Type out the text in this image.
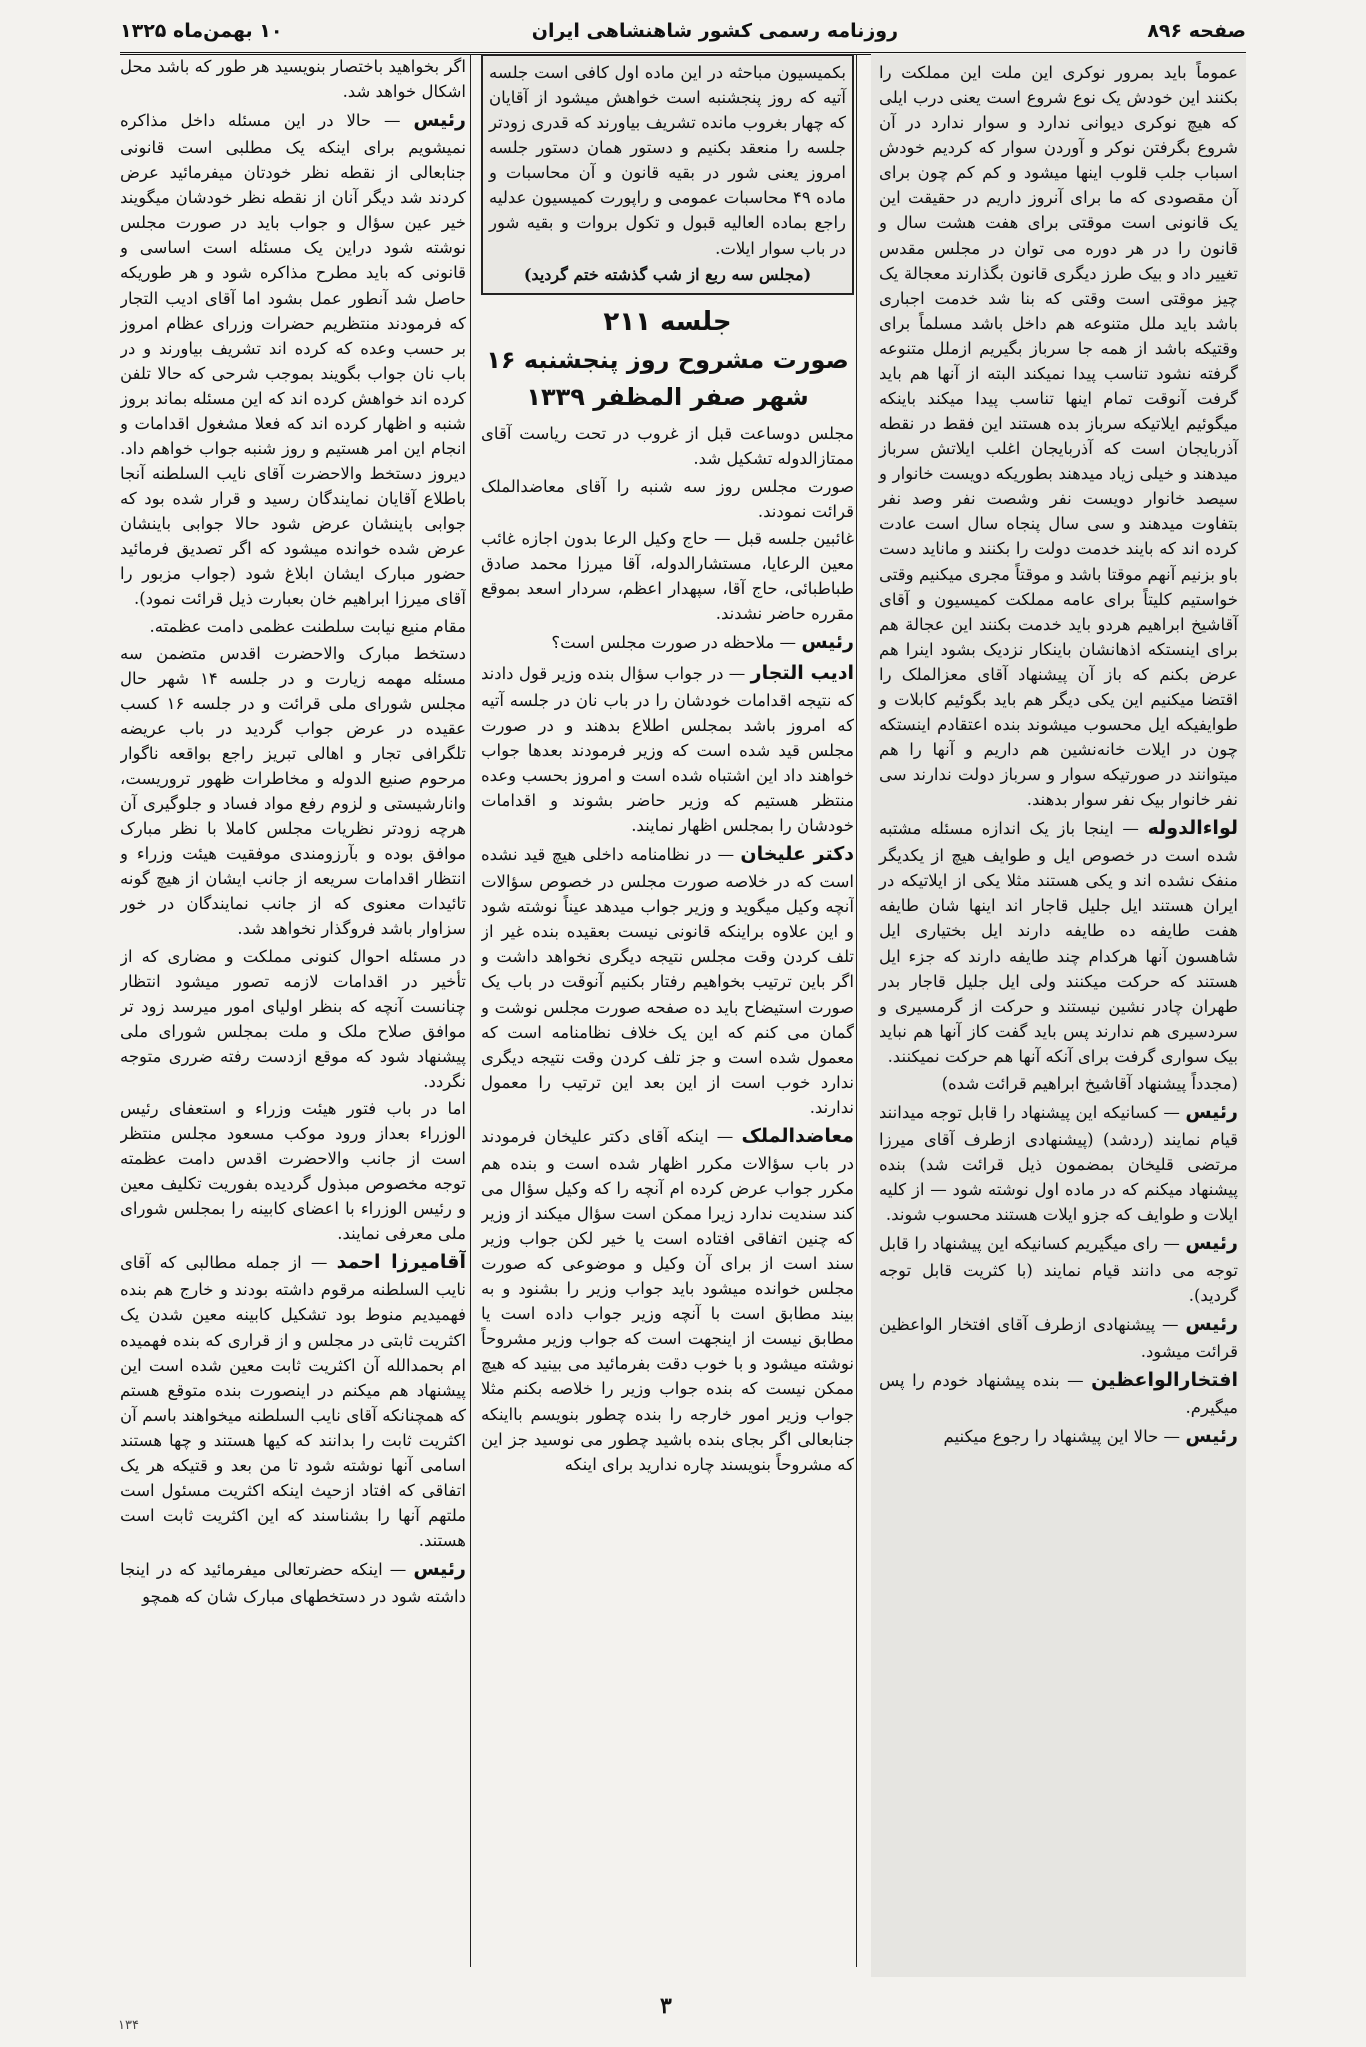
صفحه ۸۹۶
روزنامه رسمی کشور شاهنشاهی ایران
۱۰ بهمن‌ماه ۱۳۲۵

عموماً باید بمرور نوکری این ملت این مملکت را بکنند این خودش یک نوع شروع است یعنی درب ایلی که هیچ نوکری دیوانی ندارد و سوار ندارد در آن شروع بگرفتن نوکر و آوردن سوار که کردیم خودش اسباب جلب قلوب اینها میشود و کم کم چون برای آن مقصودی که ما برای آنروز داریم در حقیقت این یک قانونی است موقتی برای هفت هشت سال و قانون را در هر دوره می توان در مجلس مقدس تغییر داد و بیک طرز دیگری قانون بگذارند معجالة یک چیز موقتی است وقتی که بنا شد خدمت اجباری باشد باید ملل متنوعه هم داخل باشد مسلماً برای وقتیکه باشد از همه جا سرباز بگیریم ازملل متنوعه گرفته نشود تناسب پیدا نمیکند البته از آنها هم باید گرفت آنوقت تمام اینها تناسب پیدا میکند باینکه میگوئیم ایلاتیکه سرباز بده هستند این فقط در نقطه آذربایجان است که آذربایجان اغلب ایلاتش سرباز میدهند و خیلی زیاد میدهند بطوریکه دویست خانوار و سیصد خانوار دویست نفر وشصت نفر وصد نفر بتفاوت میدهند و سی سال پنجاه سال است عادت کرده اند که بایند خدمت دولت را بکنند و ماناید دست باو بزنیم آنهم موقتا باشد و موقتاً مجری میکنیم وقتی خواستیم کلیتاً برای عامه مملکت کمیسیون و آقای آقاشیخ ابراهیم هردو باید خدمت بکنند این عجالة هم برای اینستکه اذهانشان باینکار نزدیک بشود اینرا هم عرض بکنم که باز آن پیشنهاد آقای معزالملک را اقتضا میکنیم این یکی دیگر هم باید بگوئیم کابلات و طوایفیکه ایل محسوب میشوند بنده اعتقادم اینستکه چون در ایلات خانه‌نشین هم داریم و آنها را هم میتوانند در صورتیکه سوار و سرباز دولت ندارند سی نفر خانوار بیک نفر سوار بدهند.

لواءالدوله — اینجا باز یک اندازه مسئله مشتبه شده است در خصوص ایل و طوایف هیچ از یکدیگر منفک نشده اند و یکی هستند مثلا یکی از ایلاتیکه در ایران هستند ایل جلیل قاجار اند اینها شان طایفه هفت طایفه ده طایفه دارند ایل بختیاری ایل شاهسون آنها هرکدام چند طایفه دارند که جزء ایل هستند که حرکت میکنند ولی ایل جلیل قاجار بدر طهران چادر نشین نیستند و حرکت از گرمسیری و سردسیری هم ندارند پس باید گفت کاز آنها هم نباید بیک سواری گرفت برای آنکه آنها هم حرکت نمیکنند.

(مجدداً پیشنهاد آقاشیخ ابراهیم قرائت شده)

رئیس — کسانیکه این پیشنهاد را قابل توجه میدانند قیام نمایند (ردشد) (پیشنهادی ازطرف آقای میرزا مرتضی قلیخان بمضمون ذیل قرائت شد) بنده پیشنهاد میکنم که در ماده اول نوشته شود — از کلیه ایلات و طوایف که جزو ایلات هستند محسوب شوند.

رئیس — رای میگیریم کسانیکه این پیشنهاد را قابل توجه می دانند قیام نمایند (با کثریت قابل توجه گردید).

رئیس — پیشنهادی ازطرف آقای افتخار الواعظین قرائت میشود.

افتخارالواعظین — بنده پیشنهاد خودم را پس میگیرم.

رئیس — حالا این پیشنهاد را رجوع میکنیم

بکمیسیون مباحثه در این ماده اول کافی است جلسه آتیه که روز پنجشنبه است خواهش میشود از آقایان که چهار بغروب مانده تشریف بیاورند که قدری زودتر جلسه را منعقد بکنیم و دستور همان دستور جلسه امروز یعنی شور در بقیه قانون و آن محاسبات و ماده ۴۹ محاسبات عمومی و راپورت کمیسیون عدلیه راجع بماده العالیه قبول و تکول بروات و بقیه شور در باب سوار ایلات.

(مجلس سه ربع از شب گذشته ختم گردید)

جلسه ۲۱۱
صورت مشروح روز پنجشنبه ۱۶
شهر صفر المظفر ۱۳۳۹

مجلس دوساعت قبل از غروب در تحت ریاست آقای ممتازالدوله تشکیل شد.

صورت مجلس روز سه شنبه را آقای معاضدالملک قرائت نمودند.

غائبین جلسه قبل — حاج وکیل الرعا بدون اجازه غائب معین الرعایا، مستشارالدوله، آقا میرزا محمد صادق طباطبائی، حاج آقا، سپهدار اعظم، سردار اسعد بموقع مقرره حاضر نشدند.

رئیس — ملاحظه در صورت مجلس است؟

ادیب التجار — در جواب سؤال بنده وزیر قول دادند که نتیجه اقدامات خودشان را در باب نان در جلسه آتیه که امروز باشد بمجلس اطلاع بدهند و در صورت مجلس قید شده است که وزیر فرمودند بعدها جواب خواهند داد این اشتباه شده است و امروز بحسب وعده منتظر هستیم که وزیر حاضر بشوند و اقدامات خودشان را بمجلس اظهار نمایند.

دکتر علیخان — در نظامنامه داخلی هیچ قید نشده است که در خلاصه صورت مجلس در خصوص سؤالات آنچه وکیل میگوید و وزیر جواب میدهد عیناً نوشته شود و این علاوه براینکه قانونی نیست بعقیده بنده غیر از تلف کردن وقت مجلس نتیجه دیگری نخواهد داشت و اگر باین ترتیب بخواهیم رفتار بکنیم آنوقت در باب یک صورت استیضاح باید ده صفحه صورت مجلس نوشت و گمان می کنم که این یک خلاف نظامنامه است که معمول شده است و جز تلف کردن وقت نتیجه دیگری ندارد خوب است از این بعد این ترتیب را معمول ندارند.

معاضدالملک — اینکه آقای دکتر علیخان فرمودند در باب سؤالات مکرر اظهار شده است و بنده هم مکرر جواب عرض کرده ام آنچه را که وکیل سؤال می کند سندیت ندارد زیرا ممکن است سؤال میکند از وزیر که چنین اتفاقی افتاده است یا خیر لکن جواب وزیر سند است از برای آن وکیل و موضوعی که صورت مجلس خوانده میشود باید جواب وزیر را بشنود و به بیند مطابق است با آنچه وزیر جواب داده است یا مطابق نیست از اینجهت است که جواب وزیر مشروحاً نوشته میشود و با خوب دقت بفرمائید می بینید که هیچ ممکن نیست که بنده جواب وزیر را خلاصه بکنم مثلا جواب وزیر امور خارجه را بنده چطور بنویسم بااینکه جنابعالی اگر بجای بنده باشید چطور می نوسید جز این که مشروحاً بنویسند چاره ندارید برای اینکه

اگر بخواهید باختصار بنویسید هر طور که باشد محل اشکال خواهد شد.

رئیس — حالا در این مسئله داخل مذاکره نمیشویم برای اینکه یک مطلبی است قانونی جنابعالی از نقطه نظر خودتان میفرمائید عرض کردند شد دیگر آنان از نقطه نظر خودشان میگویند خیر عین سؤال و جواب باید در صورت مجلس نوشته شود دراین یک مسئله است اساسی و قانونی که باید مطرح مذاکره شود و هر طوریکه حاصل شد آنطور عمل بشود اما آقای ادیب التجار که فرمودند منتظریم حضرات وزرای عظام امروز بر حسب وعده که کرده اند تشریف بیاورند و در باب نان جواب بگویند بموجب شرحی که حالا تلفن کرده اند خواهش کرده اند که این مسئله بماند بروز شنبه و اظهار کرده اند که فعلا مشغول اقدامات و انجام این امر هستیم و روز شنبه جواب خواهم داد. دیروز دستخط والاحضرت آقای نایب السلطنه آنجا باطلاع آقایان نمایندگان رسید و قرار شده بود که جوابی باینشان عرض شود حالا جوابی باینشان عرض شده خوانده میشود که اگر تصدیق فرمائید حضور مبارک ایشان ابلاغ شود (جواب مزبور را آقای میرزا ابراهیم خان بعبارت ذیل قرائت نمود).

مقام منیع نیابت سلطنت عظمی دامت عظمته.

دستخط مبارک والاحضرت اقدس متضمن سه مسئله مهمه زیارت و در جلسه ۱۴ شهر حال مجلس شورای ملی قرائت و در جلسه ۱۶ کسب عقیده در عرض جواب گردید در باب عریضه تلگرافی تجار و اهالی تبریز راجع بواقعه ناگوار مرحوم صنیع الدوله و مخاطرات ظهور تروریست، وانارشیستی و لزوم رفع مواد فساد و جلوگیری آن هرچه زودتر نظریات مجلس کاملا با نظر مبارک موافق بوده و بآرزومندی موفقیت هیئت وزراء و انتظار اقدامات سریعه از جانب ایشان از هیچ گونه تائیدات معنوی که از جانب نمایندگان در خور سزاوار باشد فروگذار نخواهد شد.

در مسئله احوال کنونی مملکت و مضاری که از تأخیر در اقدامات لازمه تصور میشود انتظار چنانست آنچه که بنظر اولیای امور میرسد زود تر موافق صلاح ملک و ملت بمجلس شورای ملی پیشنهاد شود که موقع ازدست رفته ضرری متوجه نگردد.

اما در باب فتور هیئت وزراء و استعفای رئیس الوزراء بعداز ورود موکب مسعود مجلس منتظر است از جانب والاحضرت اقدس دامت عظمته توجه مخصوص مبذول گردیده بفوریت تکلیف معین و رئیس الوزراء با اعضای کابینه را بمجلس شورای ملی معرفی نمایند.

آقامیرزا احمد — از جمله مطالبی که آقای نایب السلطنه مرقوم داشته بودند و خارج هم بنده فهمیدیم منوط بود تشکیل کابینه معین شدن یک اکثریت ثابتی در مجلس و از قراری که بنده فهمیده ام بحمدالله آن اکثریت ثابت معین شده است این پیشنهاد هم میکنم در اینصورت بنده متوقع هستم که همچنانکه آقای نایب السلطنه میخواهند باسم آن اکثریت ثابت را بدانند که کیها هستند و چها هستند اسامی آنها نوشته شود تا من بعد و قتیکه هر یک اتفاقی که افتاد ازحیث اینکه اکثریت مسئول است ملتهم آنها را بشناسند که این اکثریت ثابت است هستند.

رئیس — اینکه حضرتعالی میفرمائید که در اینجا داشته شود در دستخطهای مبارک شان که همچو

۳
۱۳۴
